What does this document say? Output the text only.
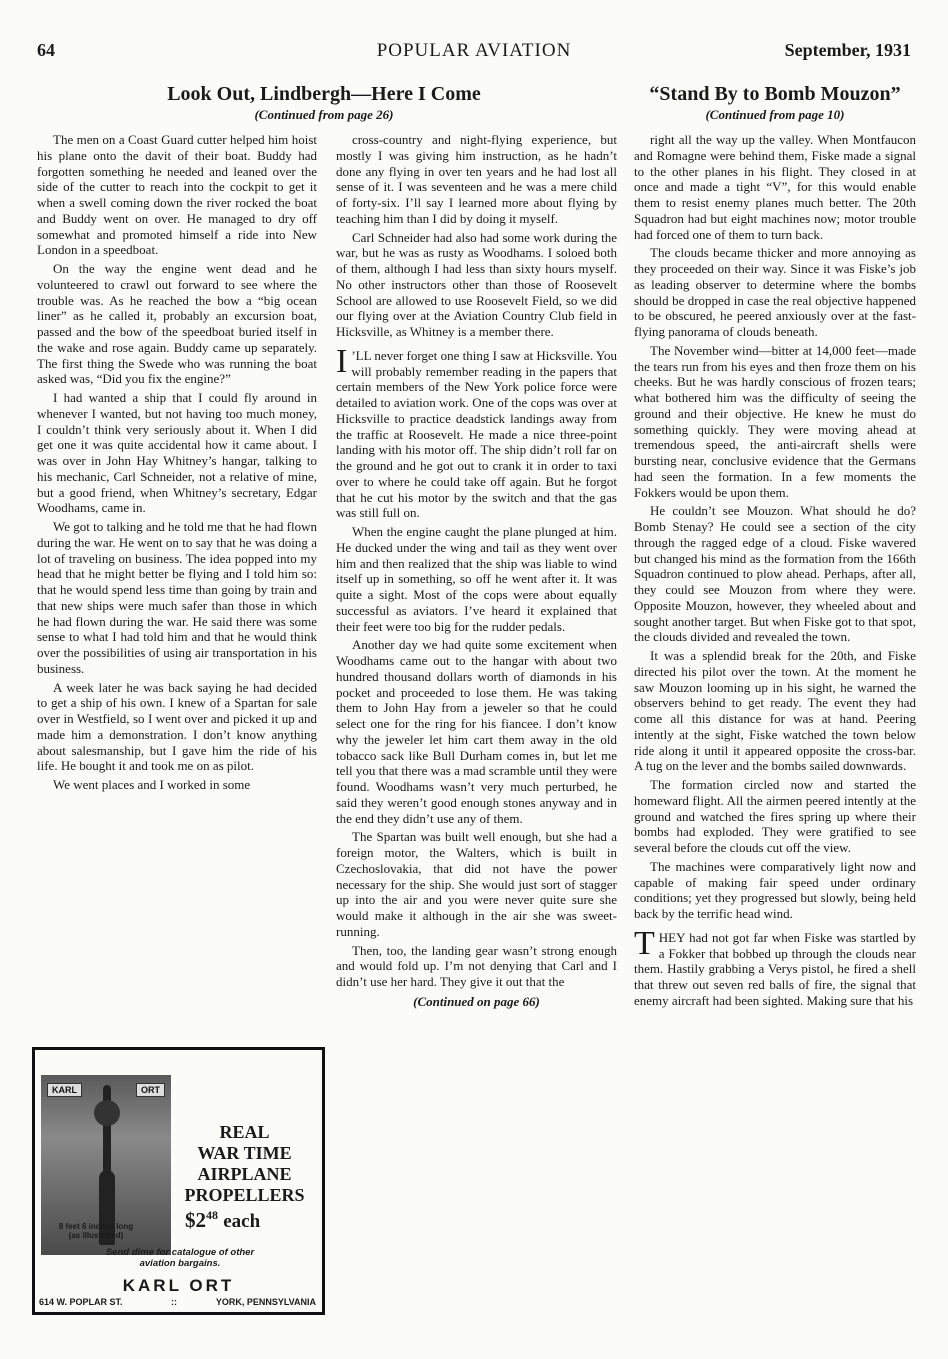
64	POPULAR AVIATION	September, 1931
Look Out, Lindbergh—Here I Come
(Continued from page 26)
“Stand By to Bomb Mouzon”
(Continued from page 10)

The men on a Coast Guard cutter helped him hoist his plane onto the davit of their boat. Buddy had forgotten something he needed and leaned over the side of the cutter to reach into the cockpit to get it when a swell coming down the river rocked the boat and Buddy went on over. He managed to dry off somewhat and promoted himself a ride into New London in a speedboat.

On the way the engine went dead and he volunteered to crawl out forward to see where the trouble was. As he reached the bow a “big ocean liner” as he called it, probably an excursion boat, passed and the bow of the speedboat buried itself in the wake and rose again. Buddy came up separately. The first thing the Swede who was running the boat asked was, “Did you fix the engine?”

I had wanted a ship that I could fly around in whenever I wanted, but not having too much money, I couldn’t think very seriously about it. When I did get one it was quite accidental how it came about. I was over in John Hay Whitney’s hangar, talking to his mechanic, Carl Schneider, not a relative of mine, but a good friend, when Whitney’s secretary, Edgar Woodhams, came in.

We got to talking and he told me that he had flown during the war. He went on to say that he was doing a lot of traveling on business. The idea popped into my head that he might better be flying and I told him so: that he would spend less time than going by train and that new ships were much safer than those in which he had flown during the war. He said there was some sense to what I had told him and that he would think over the possibilities of using air transportation in his business.

A week later he was back saying he had decided to get a ship of his own. I knew of a Spartan for sale over in Westfield, so I went over and picked it up and made him a demonstration. I don’t know anything about salesmanship, but I gave him the ride of his life. He bought it and took me on as pilot.

We went places and I worked in some

cross-country and night-flying experience, but mostly I was giving him instruction, as he hadn’t done any flying in over ten years and he had lost all sense of it. I was seventeen and he was a mere child of forty-six. I’ll say I learned more about flying by teaching him than I did by doing it myself.

Carl Schneider had also had some work during the war, but he was as rusty as Woodhams. I soloed both of them, although I had less than sixty hours myself. No other instructors other than those of Roosevelt School are allowed to use Roosevelt Field, so we did our flying over at the Aviation Country Club field in Hicksville, as Whitney is a member there.

I ’LL never forget one thing I saw at Hicksville. You will probably remember reading in the papers that certain members of the New York police force were detailed to aviation work. One of the cops was over at Hicksville to practice deadstick landings away from the traffic at Roosevelt. He made a nice three-point landing with his motor off. The ship didn’t roll far on the ground and he got out to crank it in order to taxi over to where he could take off again. But he forgot that he cut his motor by the switch and that the gas was still full on.

When the engine caught the plane plunged at him. He ducked under the wing and tail as they went over him and then realized that the ship was liable to wind itself up in something, so off he went after it. It was quite a sight. Most of the cops were about equally successful as aviators. I’ve heard it explained that their feet were too big for the rudder pedals.

Another day we had quite some excitement when Woodhams came out to the hangar with about two hundred thousand dollars worth of diamonds in his pocket and proceeded to lose them. He was taking them to John Hay from a jeweler so that he could select one for the ring for his fiancee. I don’t know why the jeweler let him cart them away in the old tobacco sack like Bull Durham comes in, but let me tell you that there was a mad scramble until they were found. Woodhams wasn’t very much perturbed, he said they weren’t good enough stones anyway and in the end they didn’t use any of them.

The Spartan was built well enough, but she had a foreign motor, the Walters, which is built in Czechoslovakia, that did not have the power necessary for the ship. She would just sort of stagger up into the air and you were never quite sure she would make it although in the air she was sweet-running.

Then, too, the landing gear wasn’t strong enough and would fold up. I’m not denying that Carl and I didn’t use her hard. They give it out that the

(Continued on page 66)

right all the way up the valley. When Montfaucon and Romagne were behind them, Fiske made a signal to the other planes in his flight. They closed in at once and made a tight “V”, for this would enable them to resist enemy planes much better. The 20th Squadron had but eight machines now; motor trouble had forced one of them to turn back.

The clouds became thicker and more annoying as they proceeded on their way. Since it was Fiske’s job as leading observer to determine where the bombs should be dropped in case the real objective happened to be obscured, he peered anxiously over at the fast-flying panorama of clouds beneath.

The November wind—bitter at 14,000 feet—made the tears run from his eyes and then froze them on his cheeks. But he was hardly conscious of frozen tears; what bothered him was the difficulty of seeing the ground and their objective. He knew he must do something quickly. They were moving ahead at tremendous speed, the anti-aircraft shells were bursting near, conclusive evidence that the Germans had seen the formation. In a few moments the Fokkers would be upon them.

He couldn’t see Mouzon. What should he do? Bomb Stenay? He could see a section of the city through the ragged edge of a cloud. Fiske wavered but changed his mind as the formation from the 166th Squadron continued to plow ahead. Perhaps, after all, they could see Mouzon from where they were. Opposite Mouzon, however, they wheeled about and sought another target. But when Fiske got to that spot, the clouds divided and revealed the town.

It was a splendid break for the 20th, and Fiske directed his pilot over the town. At the moment he saw Mouzon looming up in his sight, he warned the observers behind to get ready. The event they had come all this distance for was at hand. Peering intently at the sight, Fiske watched the town below ride along it until it appeared opposite the cross-bar. A tug on the lever and the bombs sailed downwards.

The formation circled now and started the homeward flight. All the airmen peered intently at the ground and watched the fires spring up where their bombs had exploded. They were gratified to see several before the clouds cut off the view.

The machines were comparatively light now and capable of making fair speed under ordinary conditions; yet they progressed but slowly, being held back by the terrific head wind.

THEY had not got far when Fiske was startled by a Fokker that bobbed up through the clouds near them. Hastily grabbing a Verys pistol, he fired a shell that threw out seven red balls of fire, the signal that enemy aircraft had been sighted. Making sure that his

KARL	ORT
REAL
WAR TIME
AIRPLANE
PROPELLERS
8 feet 6 inches long
(as illustrated)
$\$2^{48}$ each
Send dime for catalogue of other
aviation bargains.
KARL ORT
614 W. POPLAR ST.	::	YORK, PENNSYLVANIA
